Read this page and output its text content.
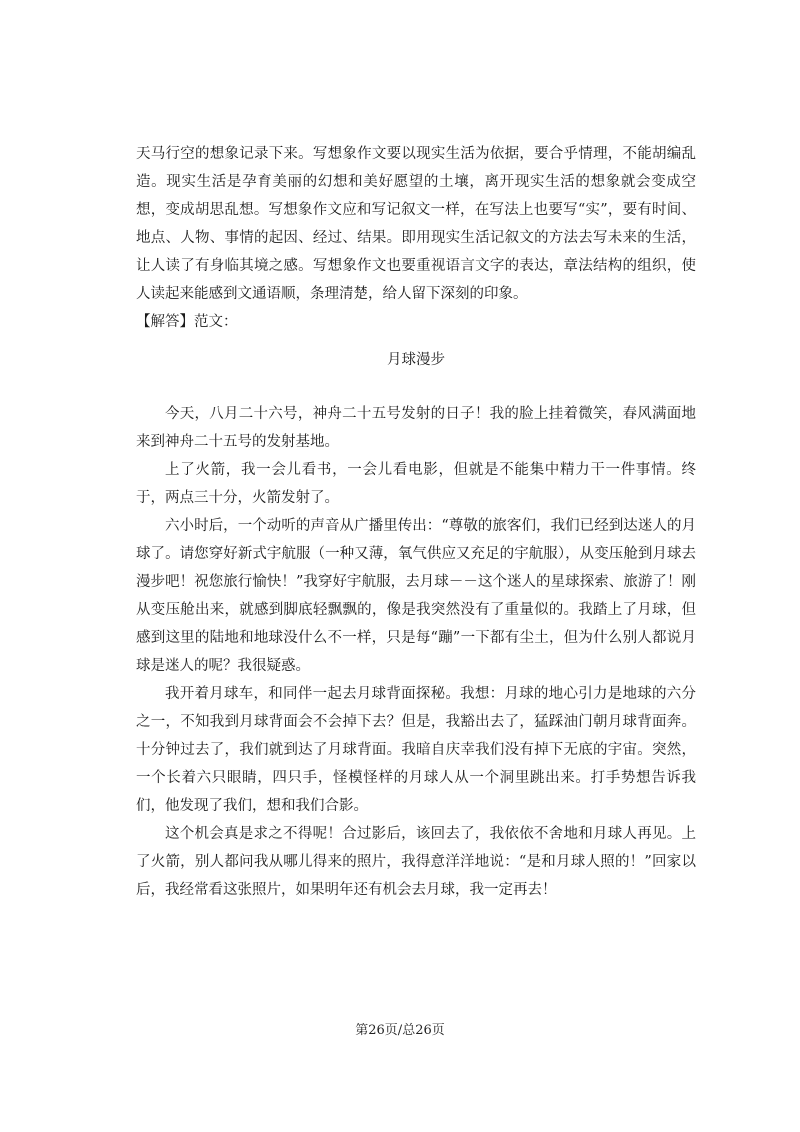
天马行空的想象记录下来。写想象作文要以现实生活为依据，要合乎情理，不能胡编乱造。现实生活是孕育美丽的幻想和美好愿望的土壤，离开现实生活的想象就会变成空想，变成胡思乱想。写想象作文应和写记叙文一样，在写法上也要写“实”，要有时间、地点、人物、事情的起因、经过、结果。即用现实生活记叙文的方法去写未来的生活，让人读了有身临其境之感。写想象作文也要重视语言文字的表达，章法结构的组织，使人读起来能感到文通语顺，条理清楚，给人留下深刻的印象。

【解答】范文：

月球漫步

今天，八月二十六号，神舟二十五号发射的日子！我的脸上挂着微笑，春风满面地来到神舟二十五号的发射基地。

上了火箭，我一会儿看书，一会儿看电影，但就是不能集中精力干一件事情。终于，两点三十分，火箭发射了。

六小时后，一个动听的声音从广播里传出：“尊敬的旅客们，我们已经到达迷人的月球了。请您穿好新式宇航服（一种又薄，氧气供应又充足的宇航服），从变压舱到月球去漫步吧！祝您旅行愉快！”我穿好宇航服，去月球－－这个迷人的星球探索、旅游了！刚从变压舱出来，就感到脚底轻飘飘的，像是我突然没有了重量似的。我踏上了月球，但感到这里的陆地和地球没什么不一样，只是每“蹦”一下都有尘土，但为什么别人都说月球是迷人的呢？我很疑惑。

我开着月球车，和同伴一起去月球背面探秘。我想：月球的地心引力是地球的六分之一，不知我到月球背面会不会掉下去？但是，我豁出去了，猛踩油门朝月球背面奔。十分钟过去了，我们就到达了月球背面。我暗自庆幸我们没有掉下无底的宇宙。突然，一个长着六只眼睛，四只手，怪模怪样的月球人从一个洞里跳出来。打手势想告诉我们，他发现了我们，想和我们合影。

这个机会真是求之不得呢！合过影后，该回去了，我依依不舍地和月球人再见。上了火箭，别人都问我从哪儿得来的照片，我得意洋洋地说：“是和月球人照的！”回家以后，我经常看这张照片，如果明年还有机会去月球，我一定再去！

第26页/总26页
